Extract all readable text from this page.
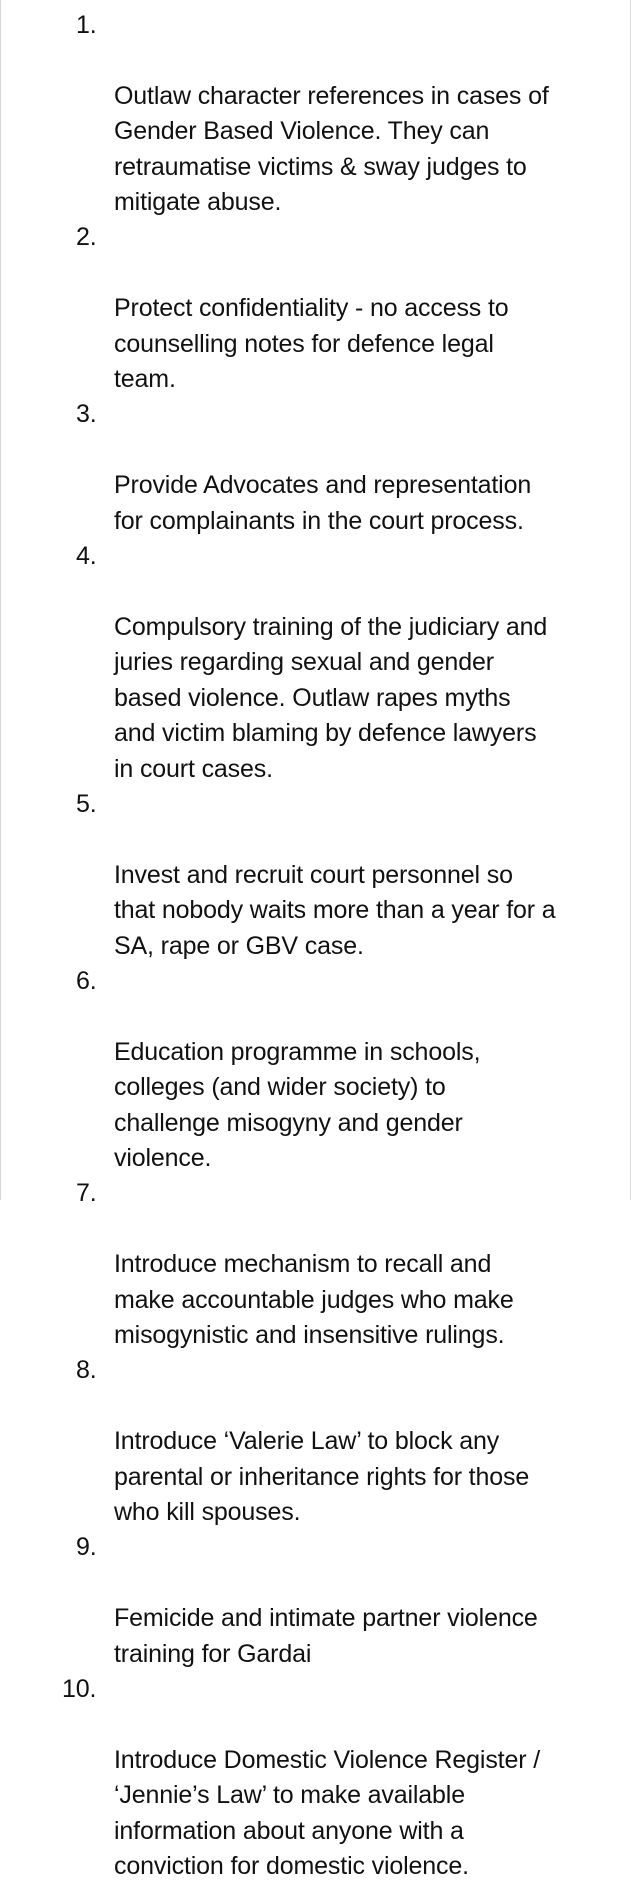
1.

Outlaw character references in cases of
Gender Based Violence. They can
retraumatise victims & sway judges to
mitigate abuse.

2.

Protect confidentiality - no access to
counselling notes for defence legal
team.

3.

Provide Advocates and representation
for complainants in the court process.

4.

Compulsory training of the judiciary and
juries regarding sexual and gender
based violence. Outlaw rapes myths
and victim blaming by defence lawyers
in court cases.

5.

Invest and recruit court personnel so
that nobody waits more than a year for a
SA, rape or GBV case.

6.

Education programme in schools,
colleges (and wider society) to
challenge misogyny and gender
violence.

7.

Introduce mechanism to recall and
make accountable judges who make
misogynistic and insensitive rulings.

8.

Introduce ‘Valerie Law’ to block any
parental or inheritance rights for those
who kill spouses.

9.

Femicide and intimate partner violence
training for Gardai

10.

Introduce Domestic Violence Register /
‘Jennie’s Law’ to make available
information about anyone with a
conviction for domestic violence.
